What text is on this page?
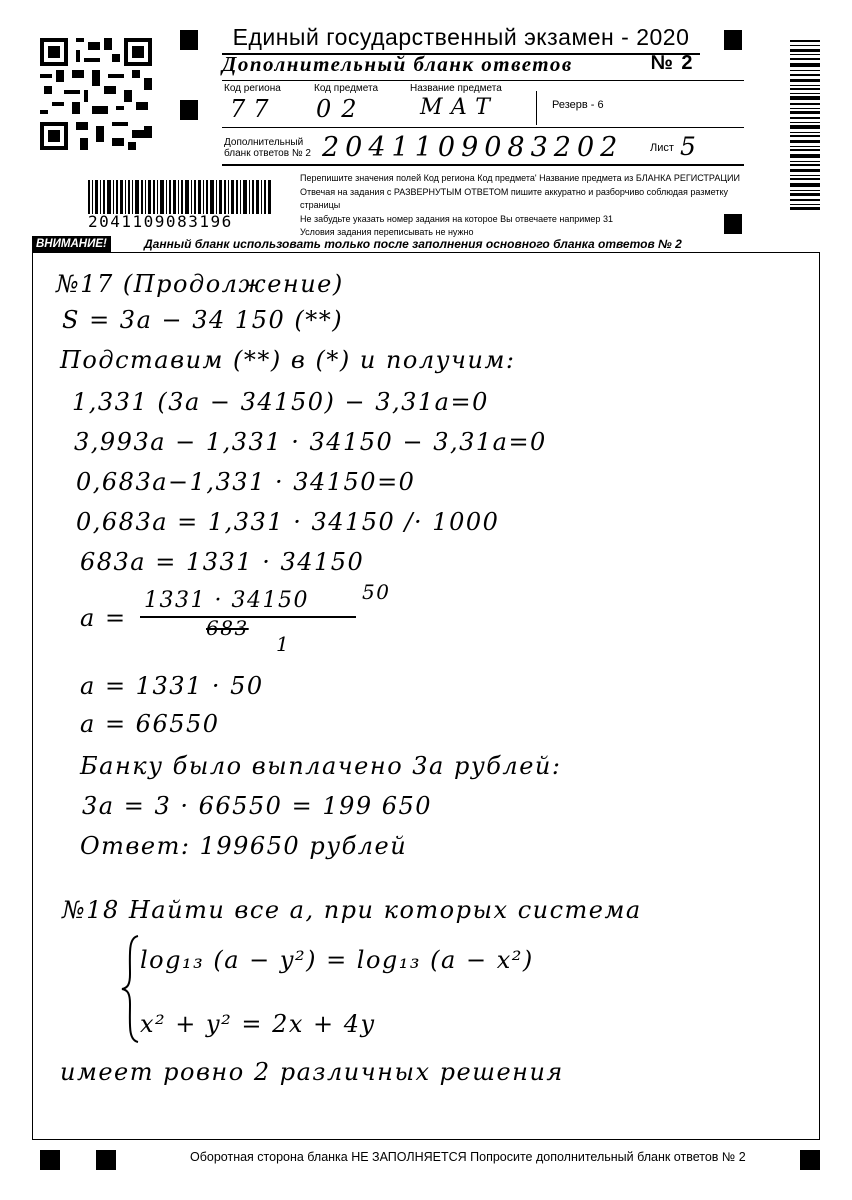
Единый государственный экзамен - 2020
Дополнительный бланк ответов	№ 2
Код региона
77
Код предмета
02
Название предмета
МАТ	Резерв - 6
Дополнительный
бланк ответов № 2 2041109083202 Лист 5
2041109083196
Перепишите значения полей Код региона Код предмета' Название предмета из БЛАНКА РЕГИСТРАЦИИ
Отвечая на задания с РАЗВЕРНУТЫМ ОТВЕТОМ пишите аккуратно и разборчиво соблюдая разметку страницы
Не забудьте указать номер задания на которое Вы отвечаете например 31
Условия задания переписывать не нужно
ВНИМАНИЕ!	Данный бланк использовать только после заполнения основного бланка ответов № 2
№17 (Продолжение)
S = 3a − 34 150 (**)
Подставим (**) в (*) и получим:
1,331 (3a − 34150) − 3,31a=0
3,993a − 1,331 · 34150 − 3,31a=0
0,683a−1,331 · 34150=0
0,683a = 1,331 · 34150 /· 1000
683a = 1331 · 34150
a =
1331 · 34150	50
683
1
a = 1331 · 50
a = 66550
Банку было выплачено 3a рублей:
3a = 3 · 66550 = 199 650
Ответ: 199650 рублей
№18 Найти все a, при которых система
log₁₃ (a − y²) = log₁₃ (a − x²)
x² + y² = 2x + 4y
имеет ровно 2 различных решения
Оборотная сторона бланка НЕ ЗАПОЛНЯЕТСЯ Попросите дополнительный бланк ответов № 2
